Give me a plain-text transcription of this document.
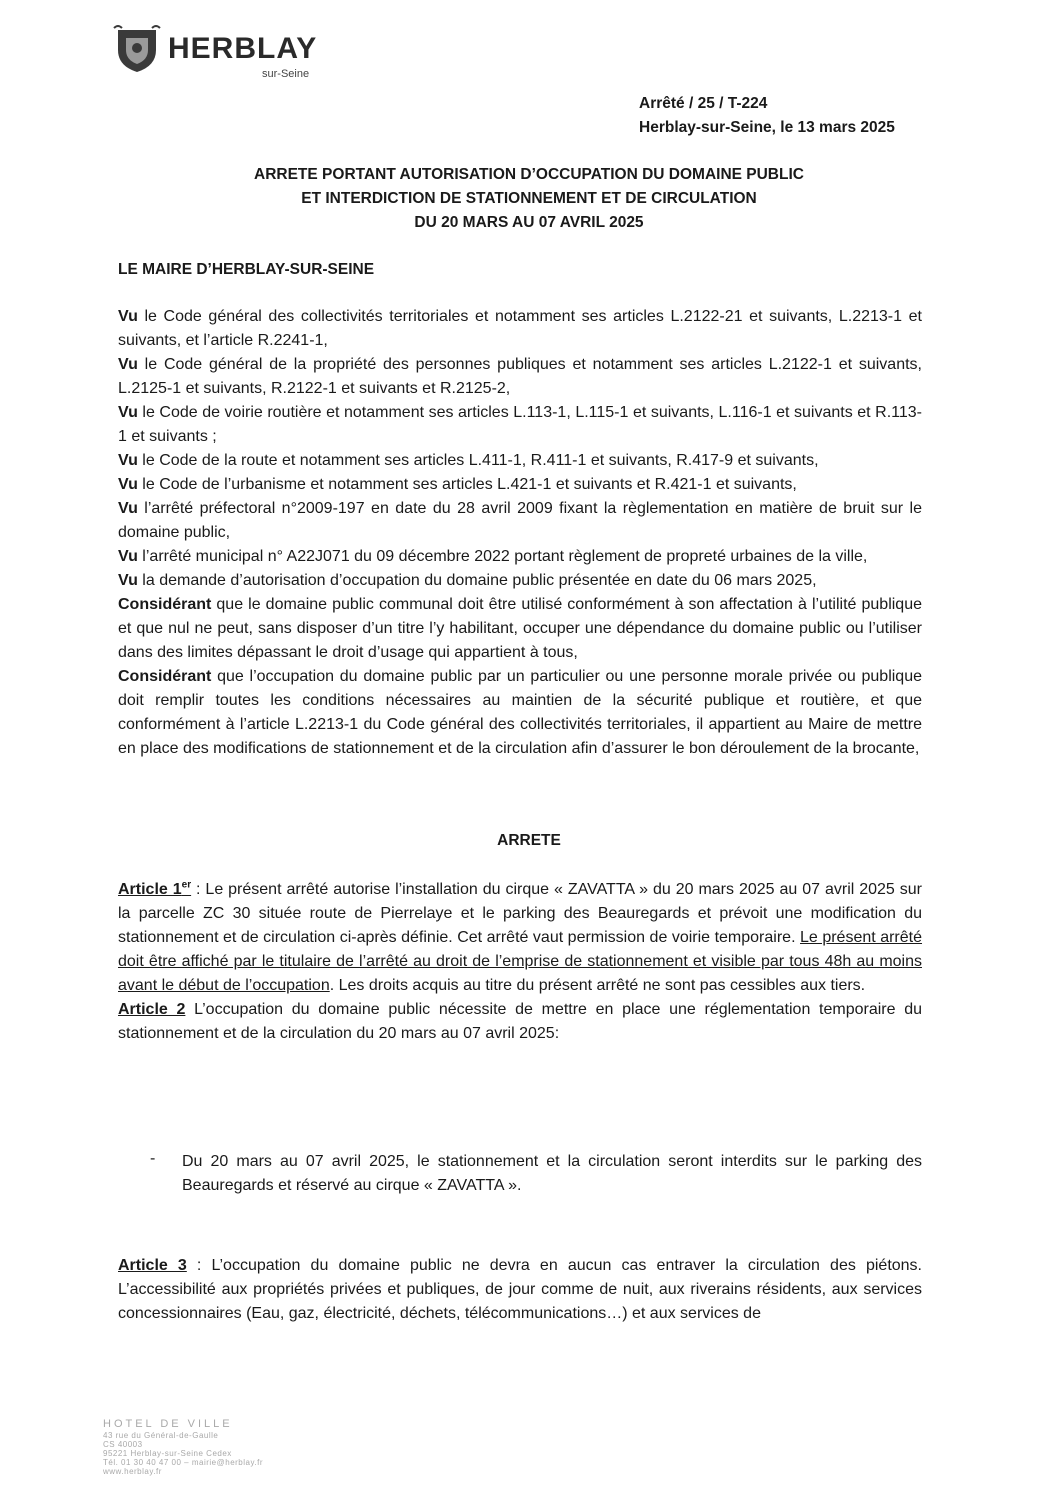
HERBLAY
sur-Seine
Arrêté / 25 / T-224
Herblay-sur-Seine, le 13 mars 2025
ARRETE PORTANT AUTORISATION D’OCCUPATION DU DOMAINE PUBLIC
ET INTERDICTION DE STATIONNEMENT ET DE CIRCULATION
DU 20 MARS AU 07 AVRIL 2025
LE MAIRE D’HERBLAY-SUR-SEINE

Vu le Code général des collectivités territoriales et notamment ses articles L.2122-21 et suivants, L.2213-1 et suivants, et l’article R.2241-1,

Vu le Code général de la propriété des personnes publiques et notamment ses articles L.2122-1 et suivants, L.2125-1 et suivants, R.2122-1 et suivants et R.2125-2,

Vu le Code de voirie routière et notamment ses articles L.113-1, L.115-1 et suivants, L.116-1 et suivants et R.113-1 et suivants ;

Vu le Code de la route et notamment ses articles L.411-1, R.411-1 et suivants, R.417-9 et suivants,

Vu le Code de l’urbanisme et notamment ses articles L.421-1 et suivants et R.421-1 et suivants,

Vu l’arrêté préfectoral n°2009-197 en date du 28 avril 2009 fixant la règlementation en matière de bruit sur le domaine public,

Vu l’arrêté municipal n° A22J071 du 09 décembre 2022 portant règlement de propreté urbaines de la ville,

Vu la demande d’autorisation d’occupation du domaine public présentée en date du 06 mars 2025,

Considérant que le domaine public communal doit être utilisé conformément à son affectation à l’utilité publique et que nul ne peut, sans disposer d’un titre l’y habilitant, occuper une dépendance du domaine public ou l’utiliser dans des limites dépassant le droit d’usage qui appartient à tous,

Considérant que l’occupation du domaine public par un particulier ou une personne morale privée ou publique doit remplir toutes les conditions nécessaires au maintien de la sécurité publique et routière, et que conformément à l’article L.2213-1 du Code général des collectivités territoriales, il appartient au Maire de mettre en place des modifications de stationnement et de la circulation afin d’assurer le bon déroulement de la brocante,

ARRETE

Article 1er : Le présent arrêté autorise l’installation du cirque « ZAVATTA » du 20 mars 2025 au 07 avril 2025 sur la parcelle ZC 30 située route de Pierrelaye et le parking des Beauregards et prévoit une modification du stationnement et de circulation ci-après définie. Cet arrêté vaut permission de voirie temporaire. Le présent arrêté doit être affiché par le titulaire de l’arrêté au droit de l’emprise de stationnement et visible par tous 48h au moins avant le début de l’occupation. Les droits acquis au titre du présent arrêté ne sont pas cessibles aux tiers.

Article 2 L’occupation du domaine public nécessite de mettre en place une réglementation temporaire du stationnement et de la circulation du 20 mars au 07 avril 2025:

- Du 20 mars au 07 avril 2025, le stationnement et la circulation seront interdits sur le parking des Beauregards et réservé au cirque « ZAVATTA ».

Article 3 : L’occupation du domaine public ne devra en aucun cas entraver la circulation des piétons. L’accessibilité aux propriétés privées et publiques, de jour comme de nuit, aux riverains résidents, aux services concessionnaires (Eau, gaz, électricité, déchets, télécommunications…) et aux services de

HOTEL DE VILLE
43 rue du Général-de-Gaulle
CS 40003
95221 Herblay-sur-Seine Cedex
Tél. 01 30 40 47 00 – mairie@herblay.fr
www.herblay.fr
